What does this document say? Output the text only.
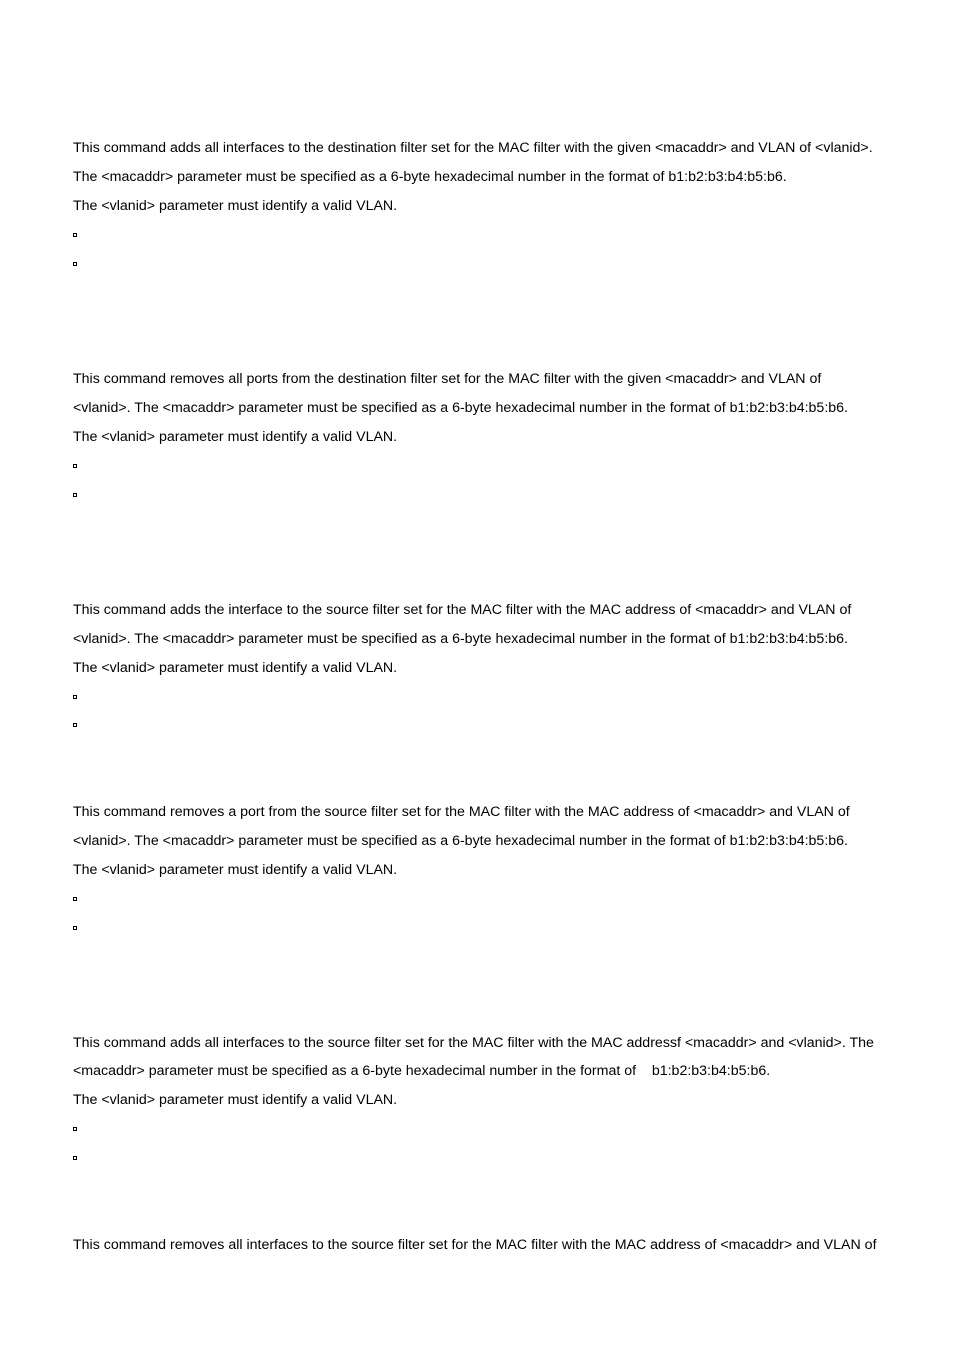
This command adds all interfaces to the destination filter set for the MAC filter with the given <macaddr> and VLAN of <vlanid>.
The <macaddr> parameter must be specified as a 6-byte hexadecimal number in the format of b1:b2:b3:b4:b5:b6.
The <vlanid> parameter must identify a valid VLAN.
This command removes all ports from the destination filter set for the MAC filter with the given <macaddr> and VLAN of
<vlanid>. The <macaddr> parameter must be specified as a 6-byte hexadecimal number in the format of b1:b2:b3:b4:b5:b6.
The <vlanid> parameter must identify a valid VLAN.
This command adds the interface to the source filter set for the MAC filter with the MAC address of <macaddr> and VLAN of
<vlanid>. The <macaddr> parameter must be specified as a 6-byte hexadecimal number in the format of b1:b2:b3:b4:b5:b6.
The <vlanid> parameter must identify a valid VLAN.
This command removes a port from the source filter set for the MAC filter with the MAC address of <macaddr> and VLAN of
<vlanid>. The <macaddr> parameter must be specified as a 6-byte hexadecimal number in the format of b1:b2:b3:b4:b5:b6.
The <vlanid> parameter must identify a valid VLAN.
This command adds all interfaces to the source filter set for the MAC filter with the MAC addressf <macaddr> and <vlanid>. The
<macaddr> parameter must be specified as a 6-byte hexadecimal number in the format of    b1:b2:b3:b4:b5:b6.
The <vlanid> parameter must identify a valid VLAN.
This command removes all interfaces to the source filter set for the MAC filter with the MAC address of <macaddr> and VLAN of
